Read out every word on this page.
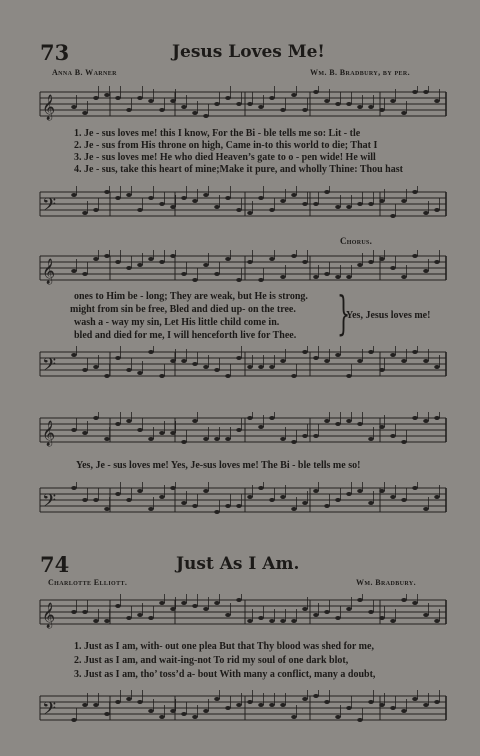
73	Jesus Loves Me!
Anna B. Warner	Wm. B. Bradbury, by per.
𝄞
1. Je - sus loves me! this I know, For the Bi - ble tells me so: Lit - tle
2. Je - sus from His throne on high, Came in-to this world to die; That I
3. Je - sus loves me! He who died Heaven’s gate to o - pen wide! He will
4. Je - sus, take this heart of mine;Make it pure, and wholly Thine: Thou hast
𝄢
Chorus.
𝄞
ones to Him be - long; They are weak, but He is strong.
might from sin be free, Bled and died up- on the tree.
wash a - way my sin, Let His little child come in.
bled and died for me, I will henceforth live for Thee. }
Yes, Jesus loves me!
𝄢
𝄞
Yes, Je - sus loves me! Yes, Je-sus loves me! The Bi - ble tells me so!
𝄢
74	Just As I Am.
Charlotte Elliott.	Wm. Bradbury.
𝄞
1. Just as I am, with- out one plea But that Thy blood was shed for me,
2. Just as I am, and wait-ing-not To rid my soul of one dark blot,
3. Just as I am, tho’ toss’d a- bout With many a conflict, many a doubt,
𝄢
